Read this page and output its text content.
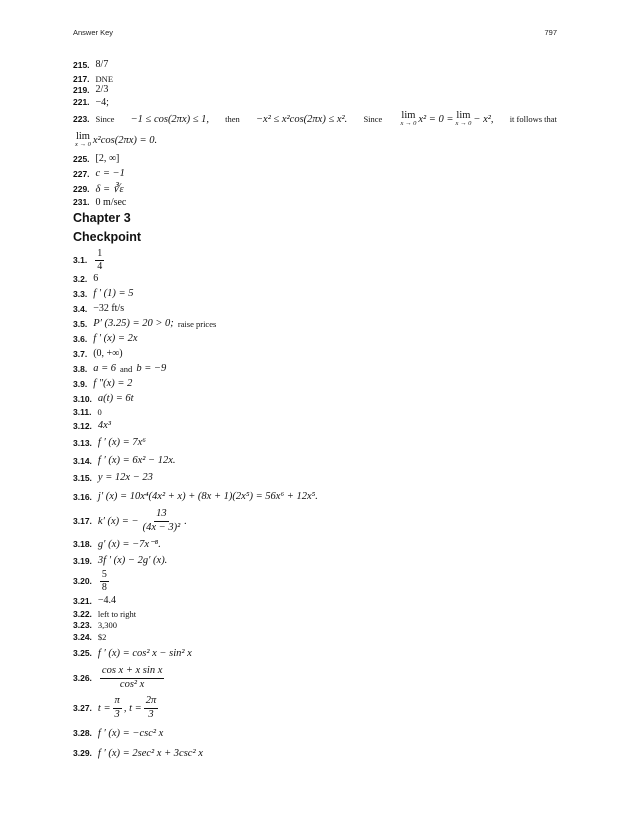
Answer Key	797
215. 8/7
217. DNE
219. 2/3
221. −4;
223. Since −1 ≤ cos(2πx) ≤ 1, then −x² ≤ x²cos(2πx) ≤ x². Since lim
x → 0 x² = 0 = lim
x → 0 − x², it follows that
lim
x → 0 x²cos(2πx) = 0.
225. [2, ∞]
227. c = −1
229. δ = ∛ε
231. 0 m/sec
Chapter 3
Checkpoint
3.1. $\frac{1}{4}$
3.2. 6
3.3. f ′ (1) = 5
3.4. −32 ft/s
3.5. P′ (3.25) = 20 > 0; raise prices
3.6. f ′ (x) = 2x
3.7. (0, +∞)
3.8. a = 6 and b = −9
3.9. f ″(x) = 2
3.10. a(t) = 6t
3.11. 0
3.12. 4x³
3.13. f ′ (x) = 7x⁶
3.14. f ′ (x) = 6x² − 12x.
3.15. y = 12x − 23
3.16. j′ (x) = 10x⁴(4x² + x) + (8x + 1)(2x⁵) = 56x⁶ + 12x⁵.
3.17. k′ (x) = − $\frac{13}{\text{(4x − 3)²}}$ .
3.18. g′ (x) = −7x⁻⁸.
3.19. 3f ′ (x) − 2g′ (x).
3.20. $\frac{5}{8}$
3.21. −4.4
3.22. left to right
3.23. 3,300
3.24. $2
3.25. f ′ (x) = cos² x − sin² x
3.26. $\frac{\text{cos x + x sin x}}{\text{cos² x}}$
3.27. $t = \frac{\pi}{3}$ , $t = \frac{2\pi}{3}$
3.28. f ′ (x) = −csc² x
3.29. f ′ (x) = 2sec² x + 3csc² x
